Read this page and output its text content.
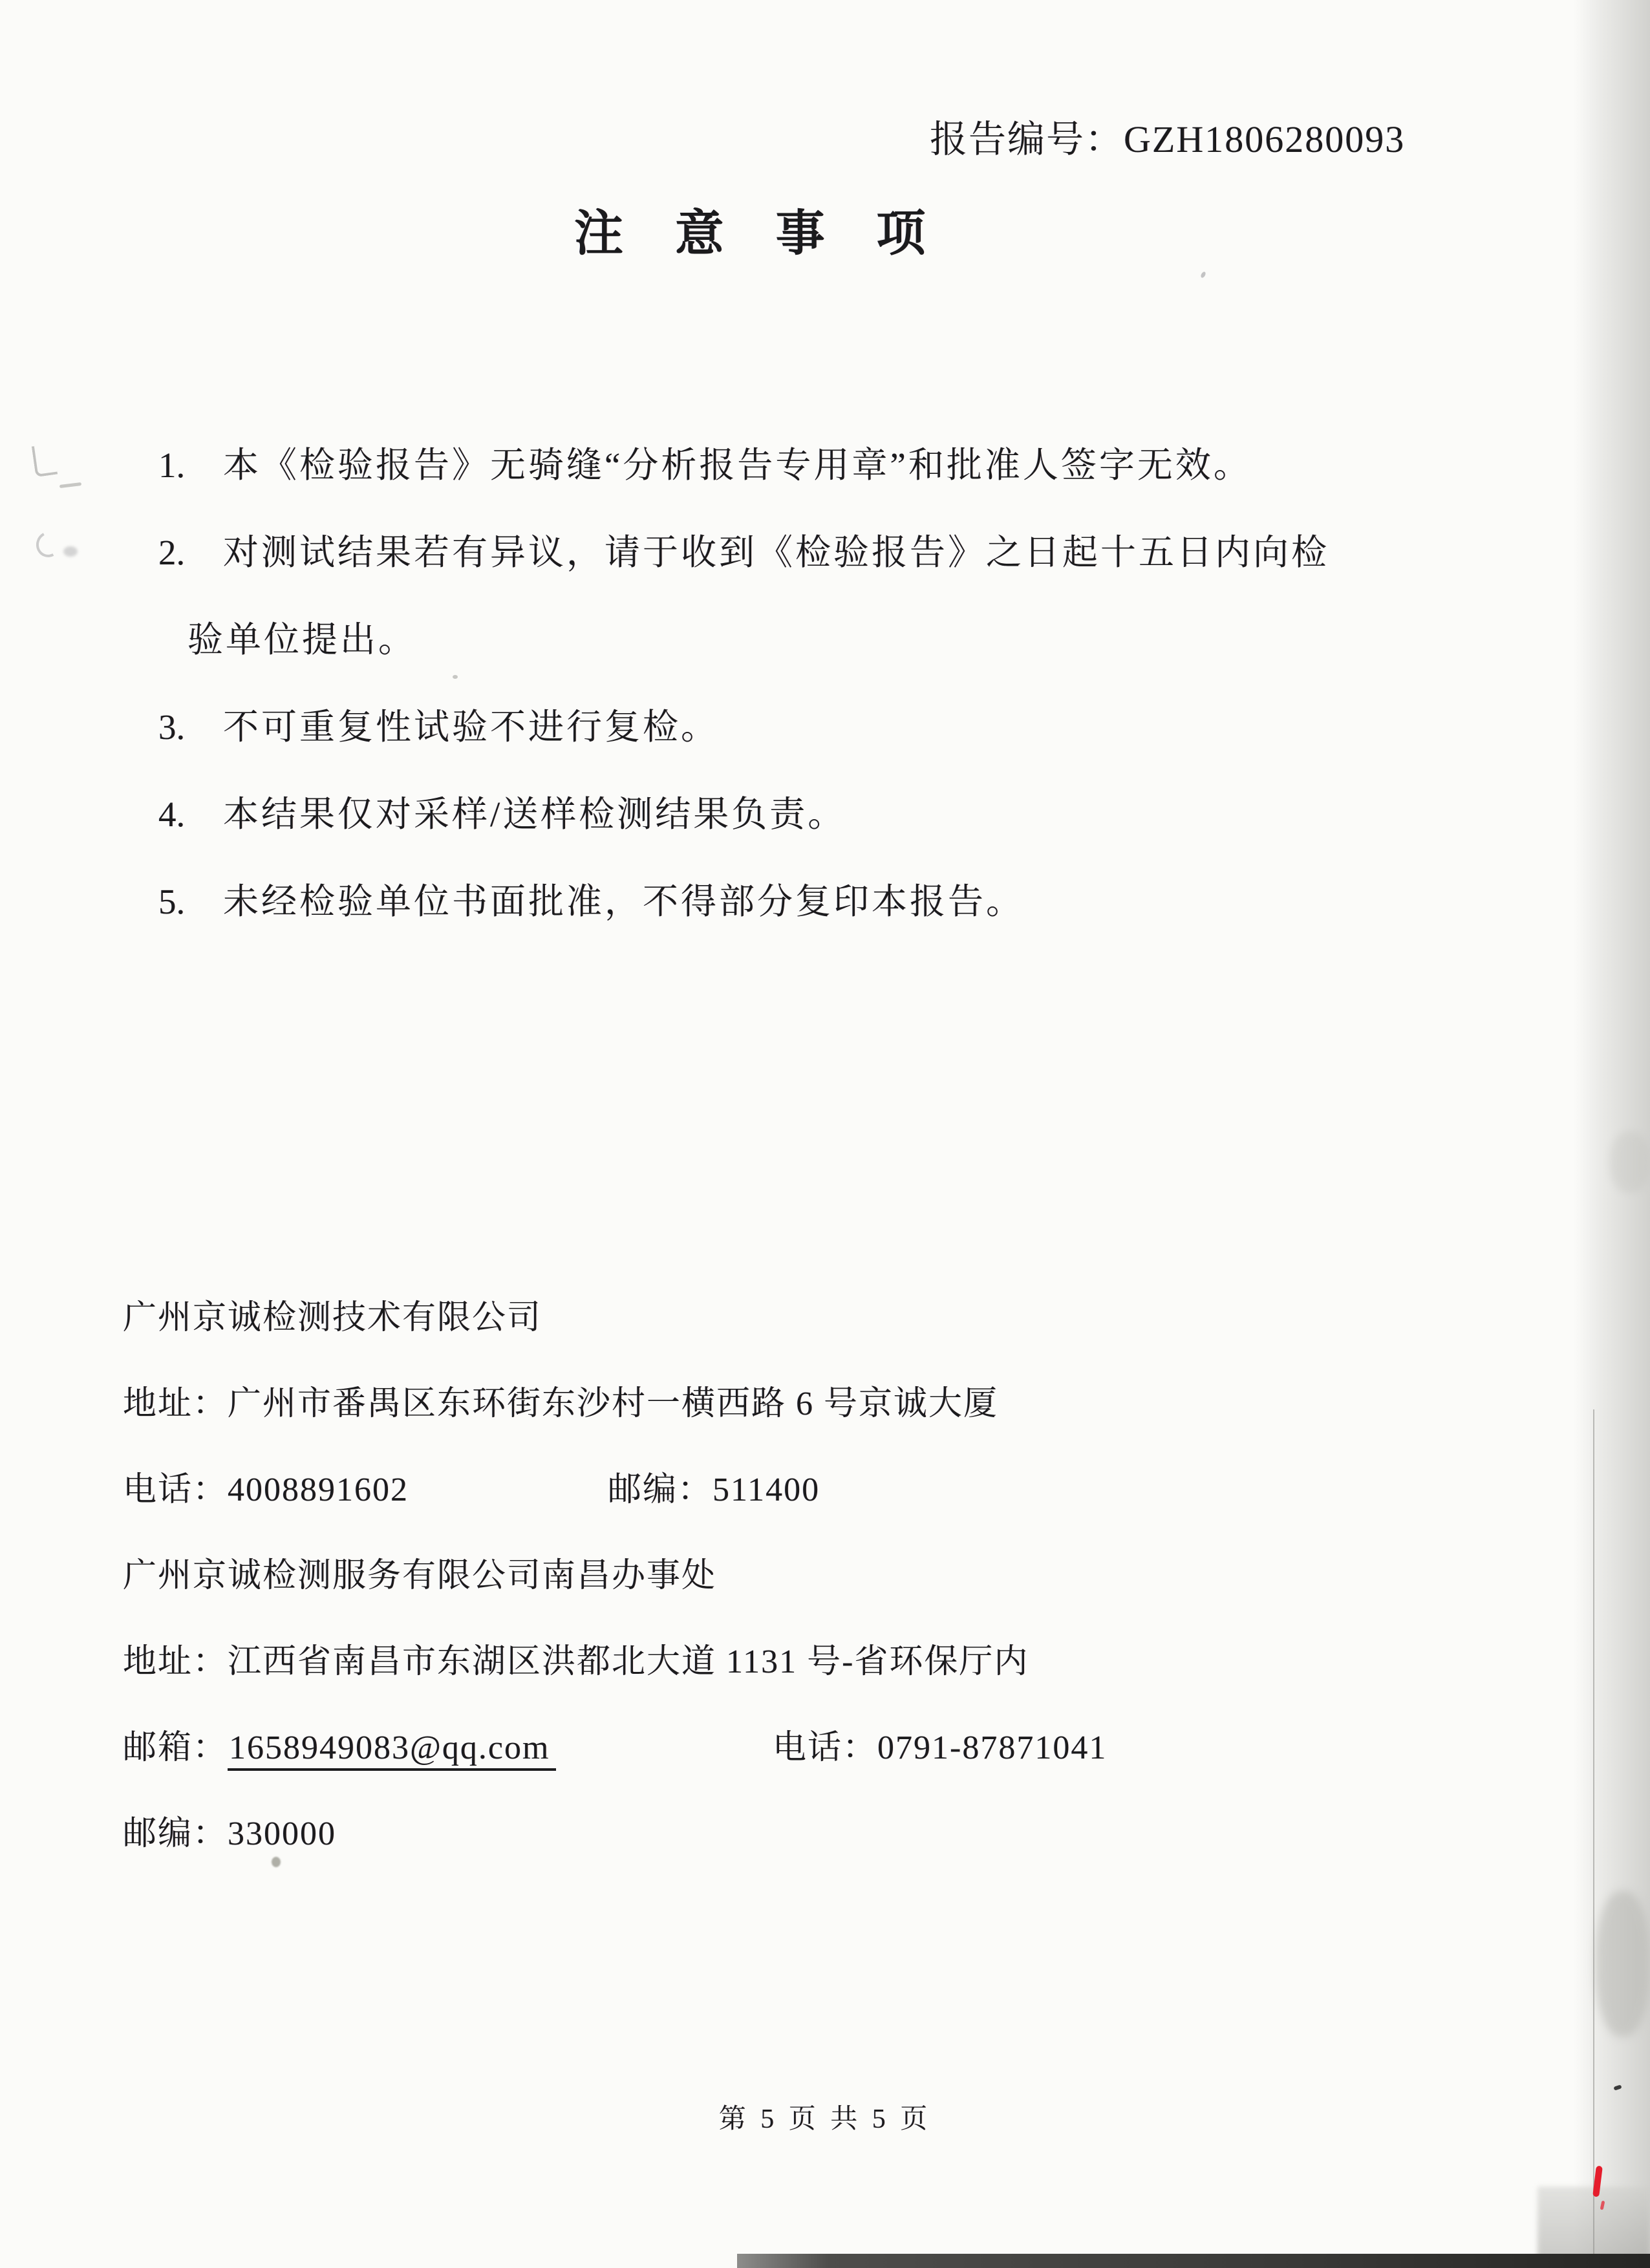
报告编号：GZH1806280093
注意事项
1.	本《检验报告》无骑缝“分析报告专用章”和批准人签字无效。
2.	对测试结果若有异议，请于收到《检验报告》之日起十五日内向检
验单位提出。
3.	不可重复性试验不进行复检。
4.	本结果仅对采样/送样检测结果负责。
5.	未经检验单位书面批准，不得部分复印本报告。
广州京诚检测技术有限公司
地址：广州市番禺区东环街东沙村一横西路 6 号京诚大厦
电话：4008891602	邮编：511400
广州京诚检测服务有限公司南昌办事处
地址：江西省南昌市东湖区洪都北大道 1131 号-省环保厅内
邮箱：1658949083@qq.com	电话：0791-87871041
邮编：330000
第 5 页 共 5 页
